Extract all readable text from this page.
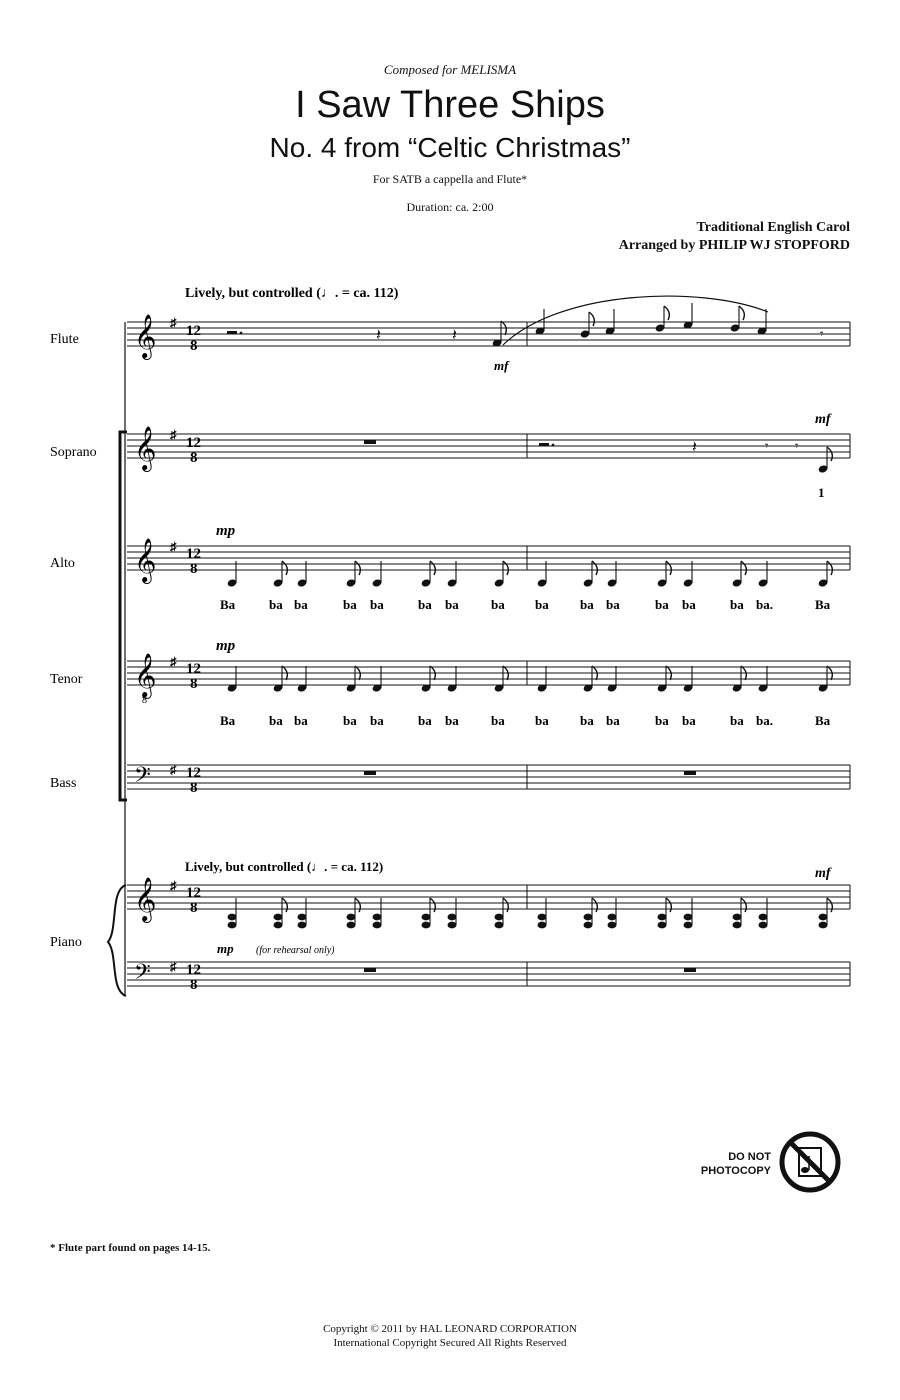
Composed for MELISMA
I Saw Three Ships
No. 4 from “Celtic Christmas”
For SATB a cappella and Flute*
Duration: ca. 2:00
Traditional English Carol
Arranged by PHILIP WJ STOPFORD
Lively, but controlled (♩. = ca. 112)
Lively, but controlled (♩. = ca. 112)
Flute
Soprano
Alto
Tenor
Bass
Piano
𝄞 ♯
𝄞 ♯
𝄞 ♯
𝄞
8
♯
𝄢 ♯
𝄞 ♯
𝄢 ♯
𝄽	𝄽
𝄽
𝄾
𝄾 𝄾
mf
mf
mp
mp
mf
mp (for rehearsal only)
1
Ba	ba ba	ba ba	ba ba ba ba ba ba	ba ba	ba ba.	Ba
Ba	ba ba	ba ba	ba ba ba ba ba ba	ba ba	ba ba.	Ba
12
8
12
8
12
8
12
8
12
8
12
8
12
8
* Flute part found on pages 14-15.
Copyright © 2011 by HAL LEONARD CORPORATION
International Copyright Secured All Rights Reserved
DO NOT
PHOTOCOPY
